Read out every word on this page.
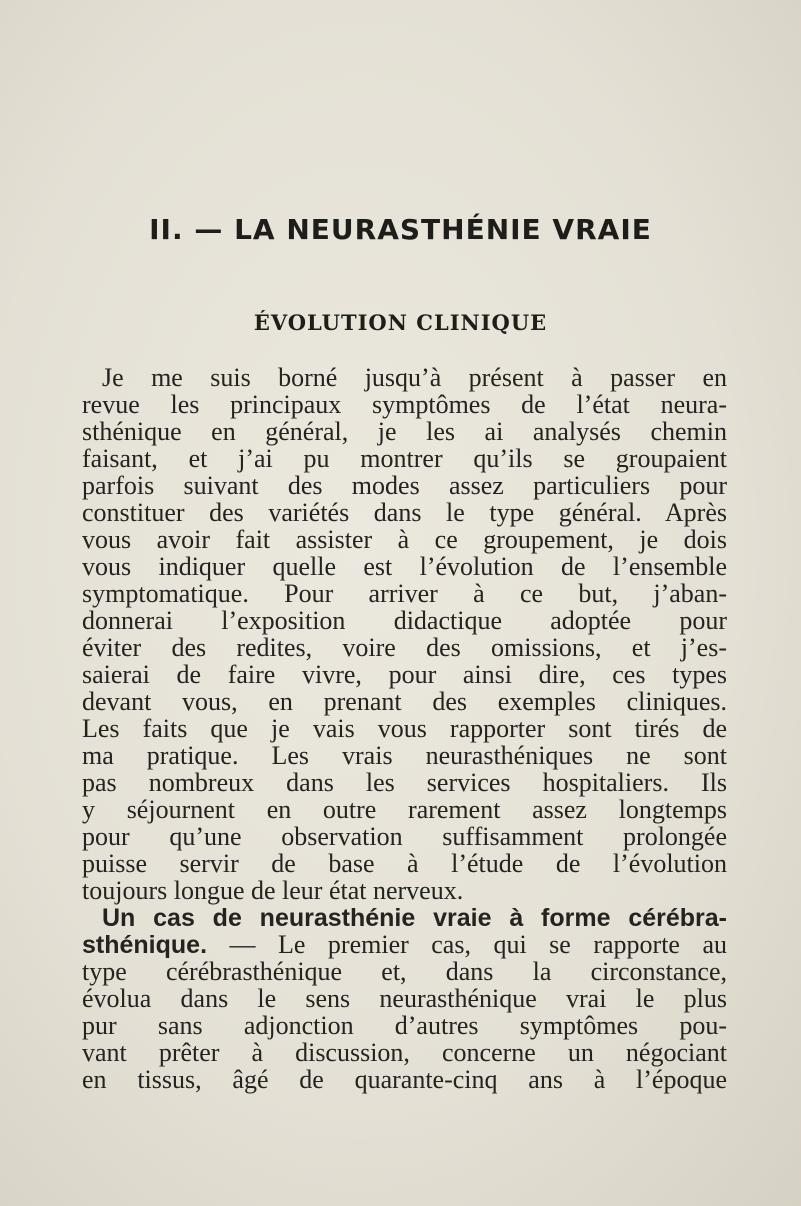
II. — LA NEURASTHÉNIE VRAIE
ÉVOLUTION CLINIQUE
Je me suis borné jusqu’à présent à passer en
revue les principaux symptômes de l’état neura-
sthénique en général, je les ai analysés chemin
faisant, et j’ai pu montrer qu’ils se groupaient
parfois suivant des modes assez particuliers pour
constituer des variétés dans le type général. Après
vous avoir fait assister à ce groupement, je dois
vous indiquer quelle est l’évolution de l’ensemble
symptomatique. Pour arriver à ce but, j’aban-
donnerai l’exposition didactique adoptée pour
éviter des redites, voire des omissions, et j’es-
saierai de faire vivre, pour ainsi dire, ces types
devant vous, en prenant des exemples cliniques.
Les faits que je vais vous rapporter sont tirés de
ma pratique. Les vrais neurasthéniques ne sont
pas nombreux dans les services hospitaliers. Ils
y séjournent en outre rarement assez longtemps
pour qu’une observation suffisamment prolongée
puisse servir de base à l’étude de l’évolution
toujours longue de leur état nerveux.
Un cas de neurasthénie vraie à forme cérébra-
sthénique. — Le premier cas, qui se rapporte au
type cérébrasthénique et, dans la circonstance,
évolua dans le sens neurasthénique vrai le plus
pur sans adjonction d’autres symptômes pou-
vant prêter à discussion, concerne un négociant
en tissus, âgé de quarante-cinq ans à l’époque
